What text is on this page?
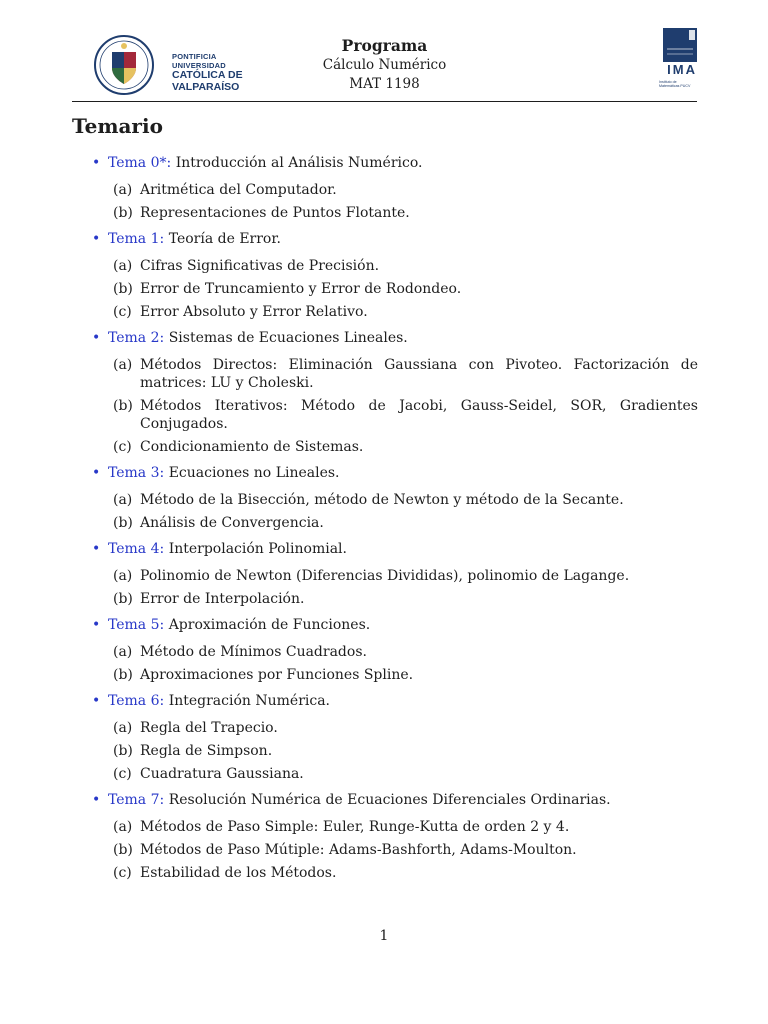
PONTIFICIA
UNIVERSIDAD
CATÓLICA DE
VALPARAÍSO
Programa
Cálculo Numérico
MAT 1198
IMA
Instituto de Matemáticas PUCV
Temario
• Tema 0*: Introducción al Análisis Numérico.
(a) Aritmética del Computador.
(b) Representaciones de Puntos Flotante.
• Tema 1: Teoría de Error.
(a) Cifras Significativas de Precisión.
(b) Error de Truncamiento y Error de Rodondeo.
(c) Error Absoluto y Error Relativo.
• Tema 2: Sistemas de Ecuaciones Lineales.
(a) Métodos Directos: Eliminación Gaussiana con Pivoteo. Factorización de matrices: LU y Choleski.
(b) Métodos Iterativos: Método de Jacobi, Gauss-Seidel, SOR, Gradientes Conjugados.
(c) Condicionamiento de Sistemas.
• Tema 3: Ecuaciones no Lineales.
(a) Método de la Bisección, método de Newton y método de la Secante.
(b) Análisis de Convergencia.
• Tema 4: Interpolación Polinomial.
(a) Polinomio de Newton (Diferencias Divididas), polinomio de Lagange.
(b) Error de Interpolación.
• Tema 5: Aproximación de Funciones.
(a) Método de Mínimos Cuadrados.
(b) Aproximaciones por Funciones Spline.
• Tema 6: Integración Numérica.
(a) Regla del Trapecio.
(b) Regla de Simpson.
(c) Cuadratura Gaussiana.
• Tema 7: Resolución Numérica de Ecuaciones Diferenciales Ordinarias.
(a) Métodos de Paso Simple: Euler, Runge-Kutta de orden 2 y 4.
(b) Métodos de Paso Mútiple: Adams-Bashforth, Adams-Moulton.
(c) Estabilidad de los Métodos.
1
